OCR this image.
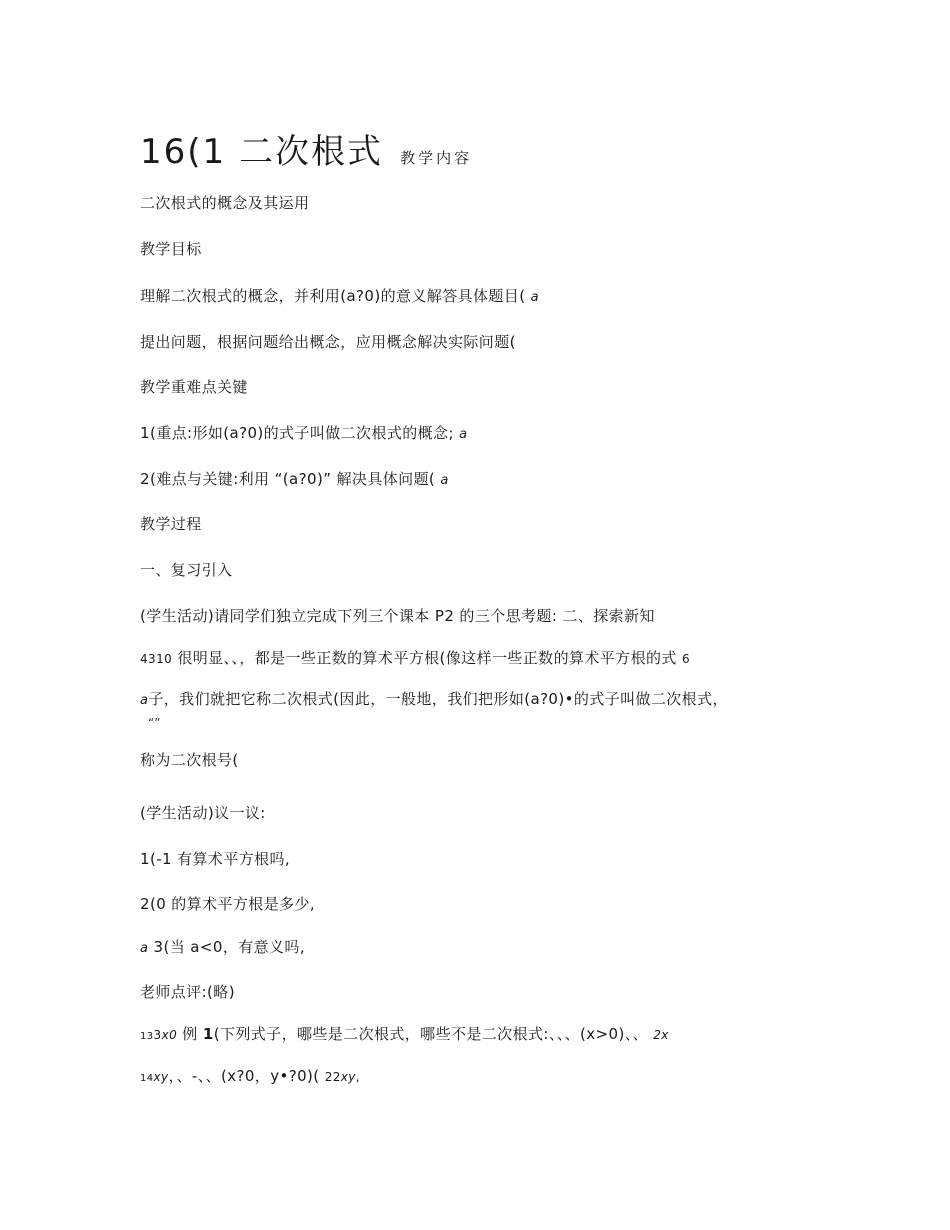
16(1 二次根式 教学内容
二次根式的概念及其运用
教学目标
理解二次根式的概念，并利用(a?0)的意义解答具体题目( a
提出问题，根据问题给出概念，应用概念解决实际问题(
教学重难点关键
1(重点:形如(a?0)的式子叫做二次根式的概念; a
2(难点与关键:利用 “(a?0)” 解决具体问题( a
教学过程
一、复习引入
(学生活动)请同学们独立完成下列三个课本 P2 的三个思考题: 二、探索新知
4310 很明显、、，都是一些正数的算术平方根(像这样一些正数的算术平方根的式 6
a子，我们就把它称二次根式(因此，一般地，我们把形如(a?0)•的式子叫做二次根式，
“”
称为二次根号(
(学生活动)议一议:
1(-1 有算术平方根吗,
2(0 的算术平方根是多少,
a 3(当 a<0，有意义吗,
老师点评:(略)
133x0 例 1(下列式子，哪些是二次根式，哪些不是二次根式:、、、(x>0)、、 2x
14xy，、-、、(x?0，y•?0)( 22xy,
